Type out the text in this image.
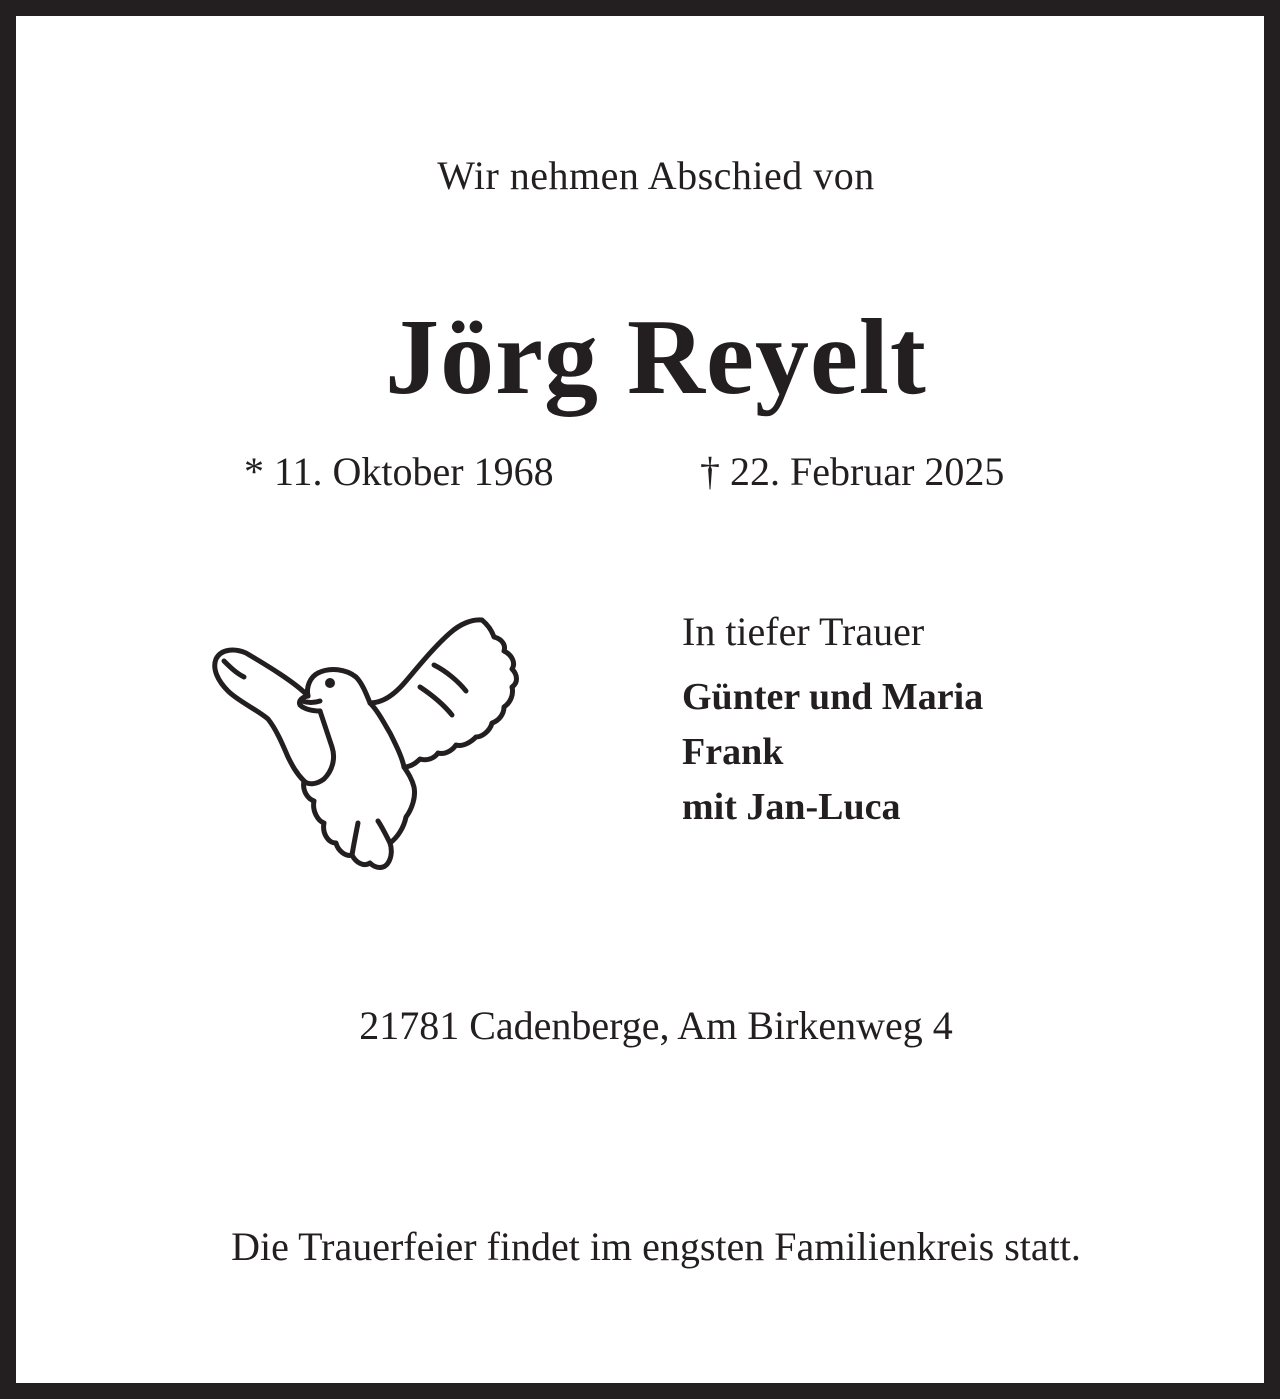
Wir nehmen Abschied von
Jörg Reyelt
* 11. Oktober 1968	† 22. Februar 2025
In tiefer Trauer
Günter und Maria
Frank
mit Jan-Luca
21781 Cadenberge, Am Birkenweg 4
Die Trauerfeier findet im engsten Familienkreis statt.
